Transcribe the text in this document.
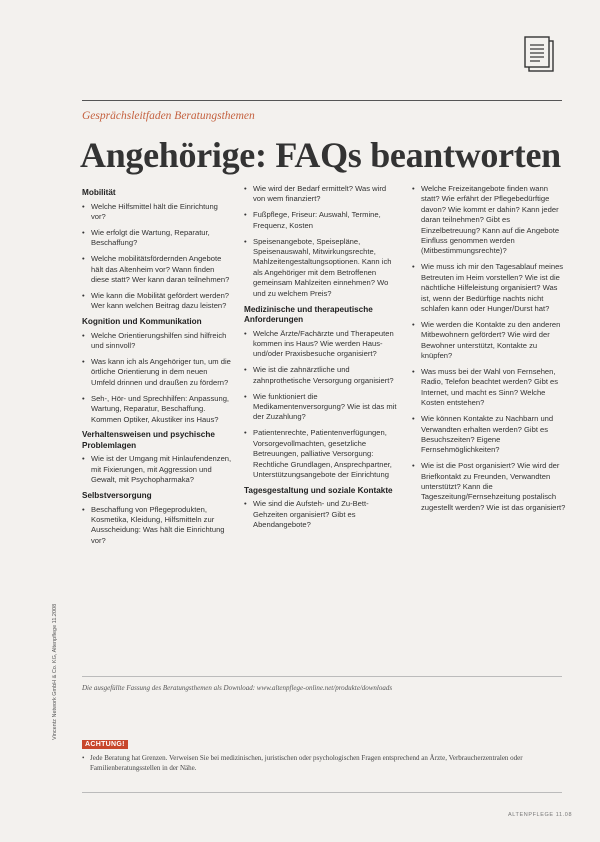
Gesprächsleitfaden Beratungsthemen
Angehörige: FAQs beantworten
Mobilität
• Welche Hilfsmittel hält die Einrichtung vor?
• Wie erfolgt die Wartung, Reparatur, Beschaffung?
• Welche mobilitätsfördernden Angebote hält das Altenheim vor? Wann finden diese statt? Wer kann daran teilnehmen?
• Wie kann die Mobilität gefördert werden? Wer kann welchen Beitrag dazu leisten?
Kognition und Kommunikation
• Welche Orientierungshilfen sind hilfreich und sinnvoll?
• Was kann ich als Angehöriger tun, um die örtliche Orientierung in dem neuen Umfeld drinnen und draußen zu fördern?
• Seh-, Hör- und Sprechhilfen: Anpassung, Wartung, Reparatur, Beschaffung. Kommen Optiker, Akustiker ins Haus?
Verhaltensweisen und psychische Problemlagen
• Wie ist der Umgang mit Hinlaufendenzen, mit Fixierungen, mit Aggression und Gewalt, mit Psychopharmaka?
Selbstversorgung
• Beschaffung von Pflegeprodukten, Kosmetika, Kleidung, Hilfsmitteln zur Ausscheidung: Was hält die Einrichtung vor?
• Wie wird der Bedarf ermittelt? Was wird von wem finanziert?
• Fußpflege, Friseur: Auswahl, Termine, Frequenz, Kosten
• Speisenangebote, Speisepläne, Speisenauswahl, Mitwirkungsrechte, Mahlzeitengestaltungsoptionen. Kann ich als Angehöriger mit dem Betroffenen gemeinsam Mahlzeiten einnehmen? Wo und zu welchem Preis?
Medizinische und therapeutische Anforderungen
• Welche Ärzte/Fachärzte und Therapeuten kommen ins Haus? Wie werden Haus- und/oder Praxisbesuche organisiert?
• Wie ist die zahnärztliche und zahnprothetische Versorgung organisiert?
• Wie funktioniert die Medikamentenversorgung? Wie ist das mit der Zuzahlung?
• Patientenrechte, Patientenverfügungen, Vorsorgevollmachten, gesetzliche Betreuungen, palliative Versorgung: Rechtliche Grundlagen, Ansprechpartner, Unterstützungsangebote der Einrichtung
Tagesgestaltung und soziale Kontakte
• Wie sind die Aufsteh- und Zu-Bett-Gehzeiten organisiert? Gibt es Abendangebote?
• Welche Freizeitangebote finden wann statt? Wie erfährt der Pflegebedürftige davon? Wie kommt er dahin? Kann jeder daran teilnehmen? Gibt es Einzelbetreuung? Kann auf die Angebote Einfluss genommen werden (Mitbestimmungsrechte)?
• Wie muss ich mir den Tagesablauf meines Betreuten im Heim vorstellen? Wie ist die nächtliche Hilfeleistung organisiert? Was ist, wenn der Bedürftige nachts nicht schlafen kann oder Hunger/Durst hat?
• Wie werden die Kontakte zu den anderen Mitbewohnern gefördert? Wie wird der Bewohner unterstützt, Kontakte zu knüpfen?
• Was muss bei der Wahl von Fernsehen, Radio, Telefon beachtet werden? Gibt es Internet, und macht es Sinn? Welche Kosten entstehen?
• Wie können Kontakte zu Nachbarn und Verwandten erhalten werden? Gibt es Besuchszeiten? Eigene Fernsehmöglichkeiten?
• Wie ist die Post organisiert? Wie wird der Briefkontakt zu Freunden, Verwandten unterstützt? Kann die Tageszeitung/Fernsehzeitung postalisch zugestellt werden? Wie ist das organisiert?
Vincentz Network GmbH & Co. KG, Altenpflege 11.2008	Die ausgefüllte Fassung des Beratungsthemen als Download: www.altenpflege-online.net/produkte/downloads
ACHTUNG!
• Jede Beratung hat Grenzen. Verweisen Sie bei medizinischen, juristischen oder psychologischen Fragen entsprechend an Ärzte, Verbraucherzentralen oder Familienberatungsstellen in der Nähe.
ALTENPFLEGE 11.08
